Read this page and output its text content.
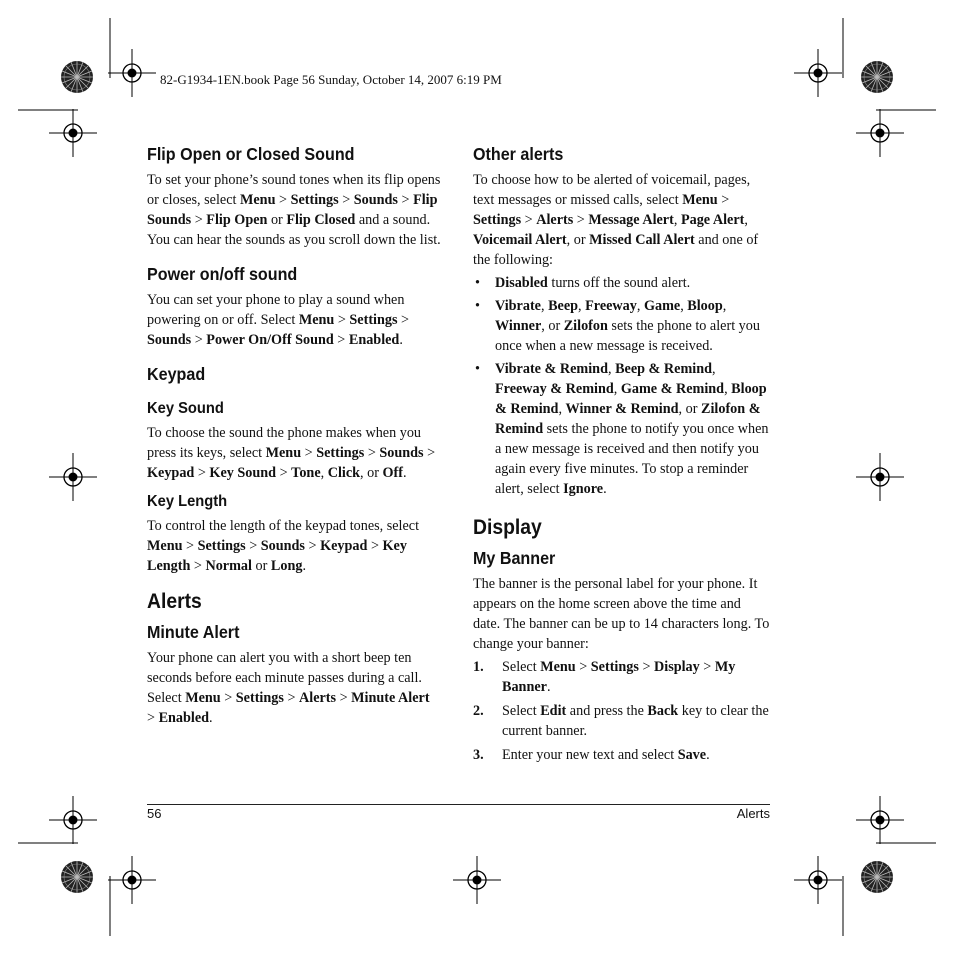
82-G1934-1EN.book Page 56 Sunday, October 14, 2007 6:19 PM
Flip Open or Closed Sound

To set your phone’s sound tones when its flip opens or closes, select Menu > Settings > Sounds > Flip Sounds > Flip Open or Flip Closed and a sound. You can hear the sounds as you scroll down the list.

Power on/off sound

You can set your phone to play a sound when powering on or off. Select Menu > Settings > Sounds > Power On/Off Sound > Enabled.

Keypad
Key Sound

To choose the sound the phone makes when you press its keys, select Menu > Settings > Sounds > Keypad > Key Sound > Tone, Click, or Off.

Key Length

To control the length of the keypad tones, select Menu > Settings > Sounds > Keypad > Key Length > Normal or Long.

Alerts
Minute Alert

Your phone can alert you with a short beep ten seconds before each minute passes during a call. Select Menu > Settings > Alerts > Minute Alert > Enabled.

Other alerts

To choose how to be alerted of voicemail, pages, text messages or missed calls, select Menu > Settings > Alerts > Message Alert, Page Alert, Voicemail Alert, or Missed Call Alert and one of the following:

• Disabled turns off the sound alert.
• Vibrate, Beep, Freeway, Game, Bloop, Winner, or Zilofon sets the phone to alert you once when a new message is received.
• Vibrate & Remind, Beep & Remind, Freeway & Remind, Game & Remind, Bloop & Remind, Winner & Remind, or Zilofon & Remind sets the phone to notify you once when a new message is received and then notify you again every five minutes. To stop a reminder alert, select Ignore.
Display
My Banner

The banner is the personal label for your phone. It appears on the home screen above the time and date. The banner can be up to 14 characters long. To change your banner:

1. Select Menu > Settings > Display > My Banner.
2. Select Edit and press the Back key to clear the current banner.
3. Enter your new text and select Save.
56	Alerts
